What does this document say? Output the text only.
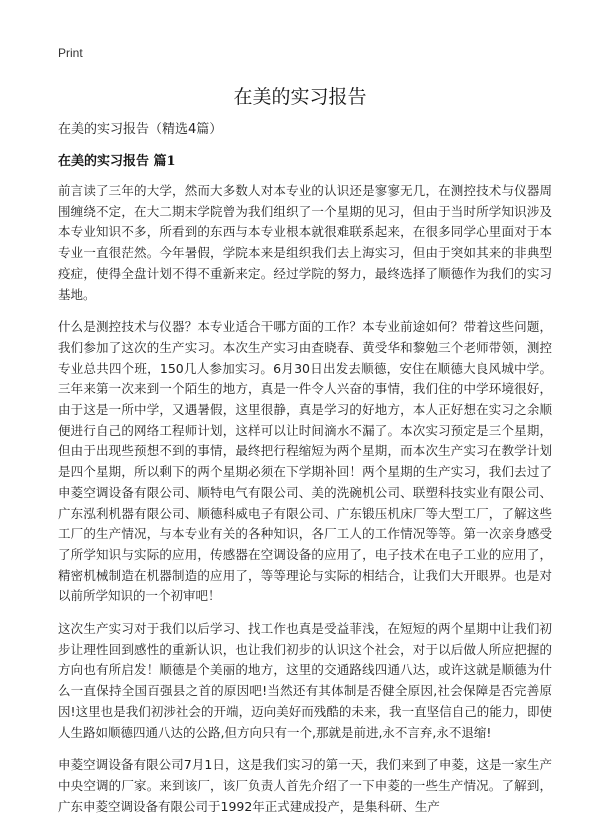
Print
在美的实习报告

在美的实习报告（精选4篇）

在美的实习报告 篇1

前言读了三年的大学，然而大多数人对本专业的认识还是寥寥无几，在测控技术与仪器周围缠绕不定，在大二期末学院曾为我们组织了一个星期的见习，但由于当时所学知识涉及本专业知识不多，所看到的东西与本专业根本就很难联系起来，在很多同学心里面对于本专业一直很茫然。今年暑假，学院本来是组织我们去上海实习，但由于突如其来的非典型疫症，使得全盘计划不得不重新来定。经过学院的努力，最终选择了顺德作为我们的实习基地。

什么是测控技术与仪器？本专业适合干哪方面的工作？本专业前途如何？带着这些问题，我们参加了这次的生产实习。本次生产实习由查晓春、黄受华和黎勉三个老师带领，测控专业总共四个班，150几人参加实习。6月30日出发去顺德，安住在顺德大良风城中学。三年来第一次来到一个陌生的地方，真是一件令人兴奋的事情，我们住的中学环境很好，由于这是一所中学，又遇暑假，这里很静，真是学习的好地方，本人正好想在实习之余顺便进行自己的网络工程师计划，这样可以让时间滴水不漏了。本次实习预定是三个星期，但由于出现些预想不到的事情，最终把行程缩短为两个星期，而本次生产实习在教学计划是四个星期，所以剩下的两个星期必须在下学期补回！两个星期的生产实习，我们去过了申菱空调设备有限公司、顺特电气有限公司、美的洗碗机公司、联塑科技实业有限公司、广东泓利机器有限公司、顺德科威电子有限公司、广东锻压机床厂等大型工厂，了解这些工厂的生产情况，与本专业有关的各种知识，各厂工人的工作情况等等。第一次亲身感受了所学知识与实际的应用，传感器在空调设备的应用了，电子技术在电子工业的应用了，精密机械制造在机器制造的应用了，等等理论与实际的相结合，让我们大开眼界。也是对以前所学知识的一个初审吧！

这次生产实习对于我们以后学习、找工作也真是受益菲浅，在短短的两个星期中让我们初步让理性回到感性的重新认识，也让我们初步的认识这个社会，对于以后做人所应把握的方向也有所启发！顺德是个美丽的地方，这里的交通路线四通八达，或许这就是顺德为什么一直保持全国百强县之首的原因吧!当然还有其体制是否健全原因,社会保障是否完善原因!这里也是我们初涉社会的开端，迈向美好而残酷的未来，我一直坚信自己的能力，即使人生路如顺德四通八达的公路,但方向只有一个,那就是前进,永不言弃,永不退缩!

申菱空调设备有限公司7月1日，这是我们实习的第一天，我们来到了申菱，这是一家生产中央空调的厂家。来到该厂，该厂负责人首先介绍了一下申菱的一些生产情况。了解到，广东申菱空调设备有限公司于1992年正式建成投产，是集科研、生产
